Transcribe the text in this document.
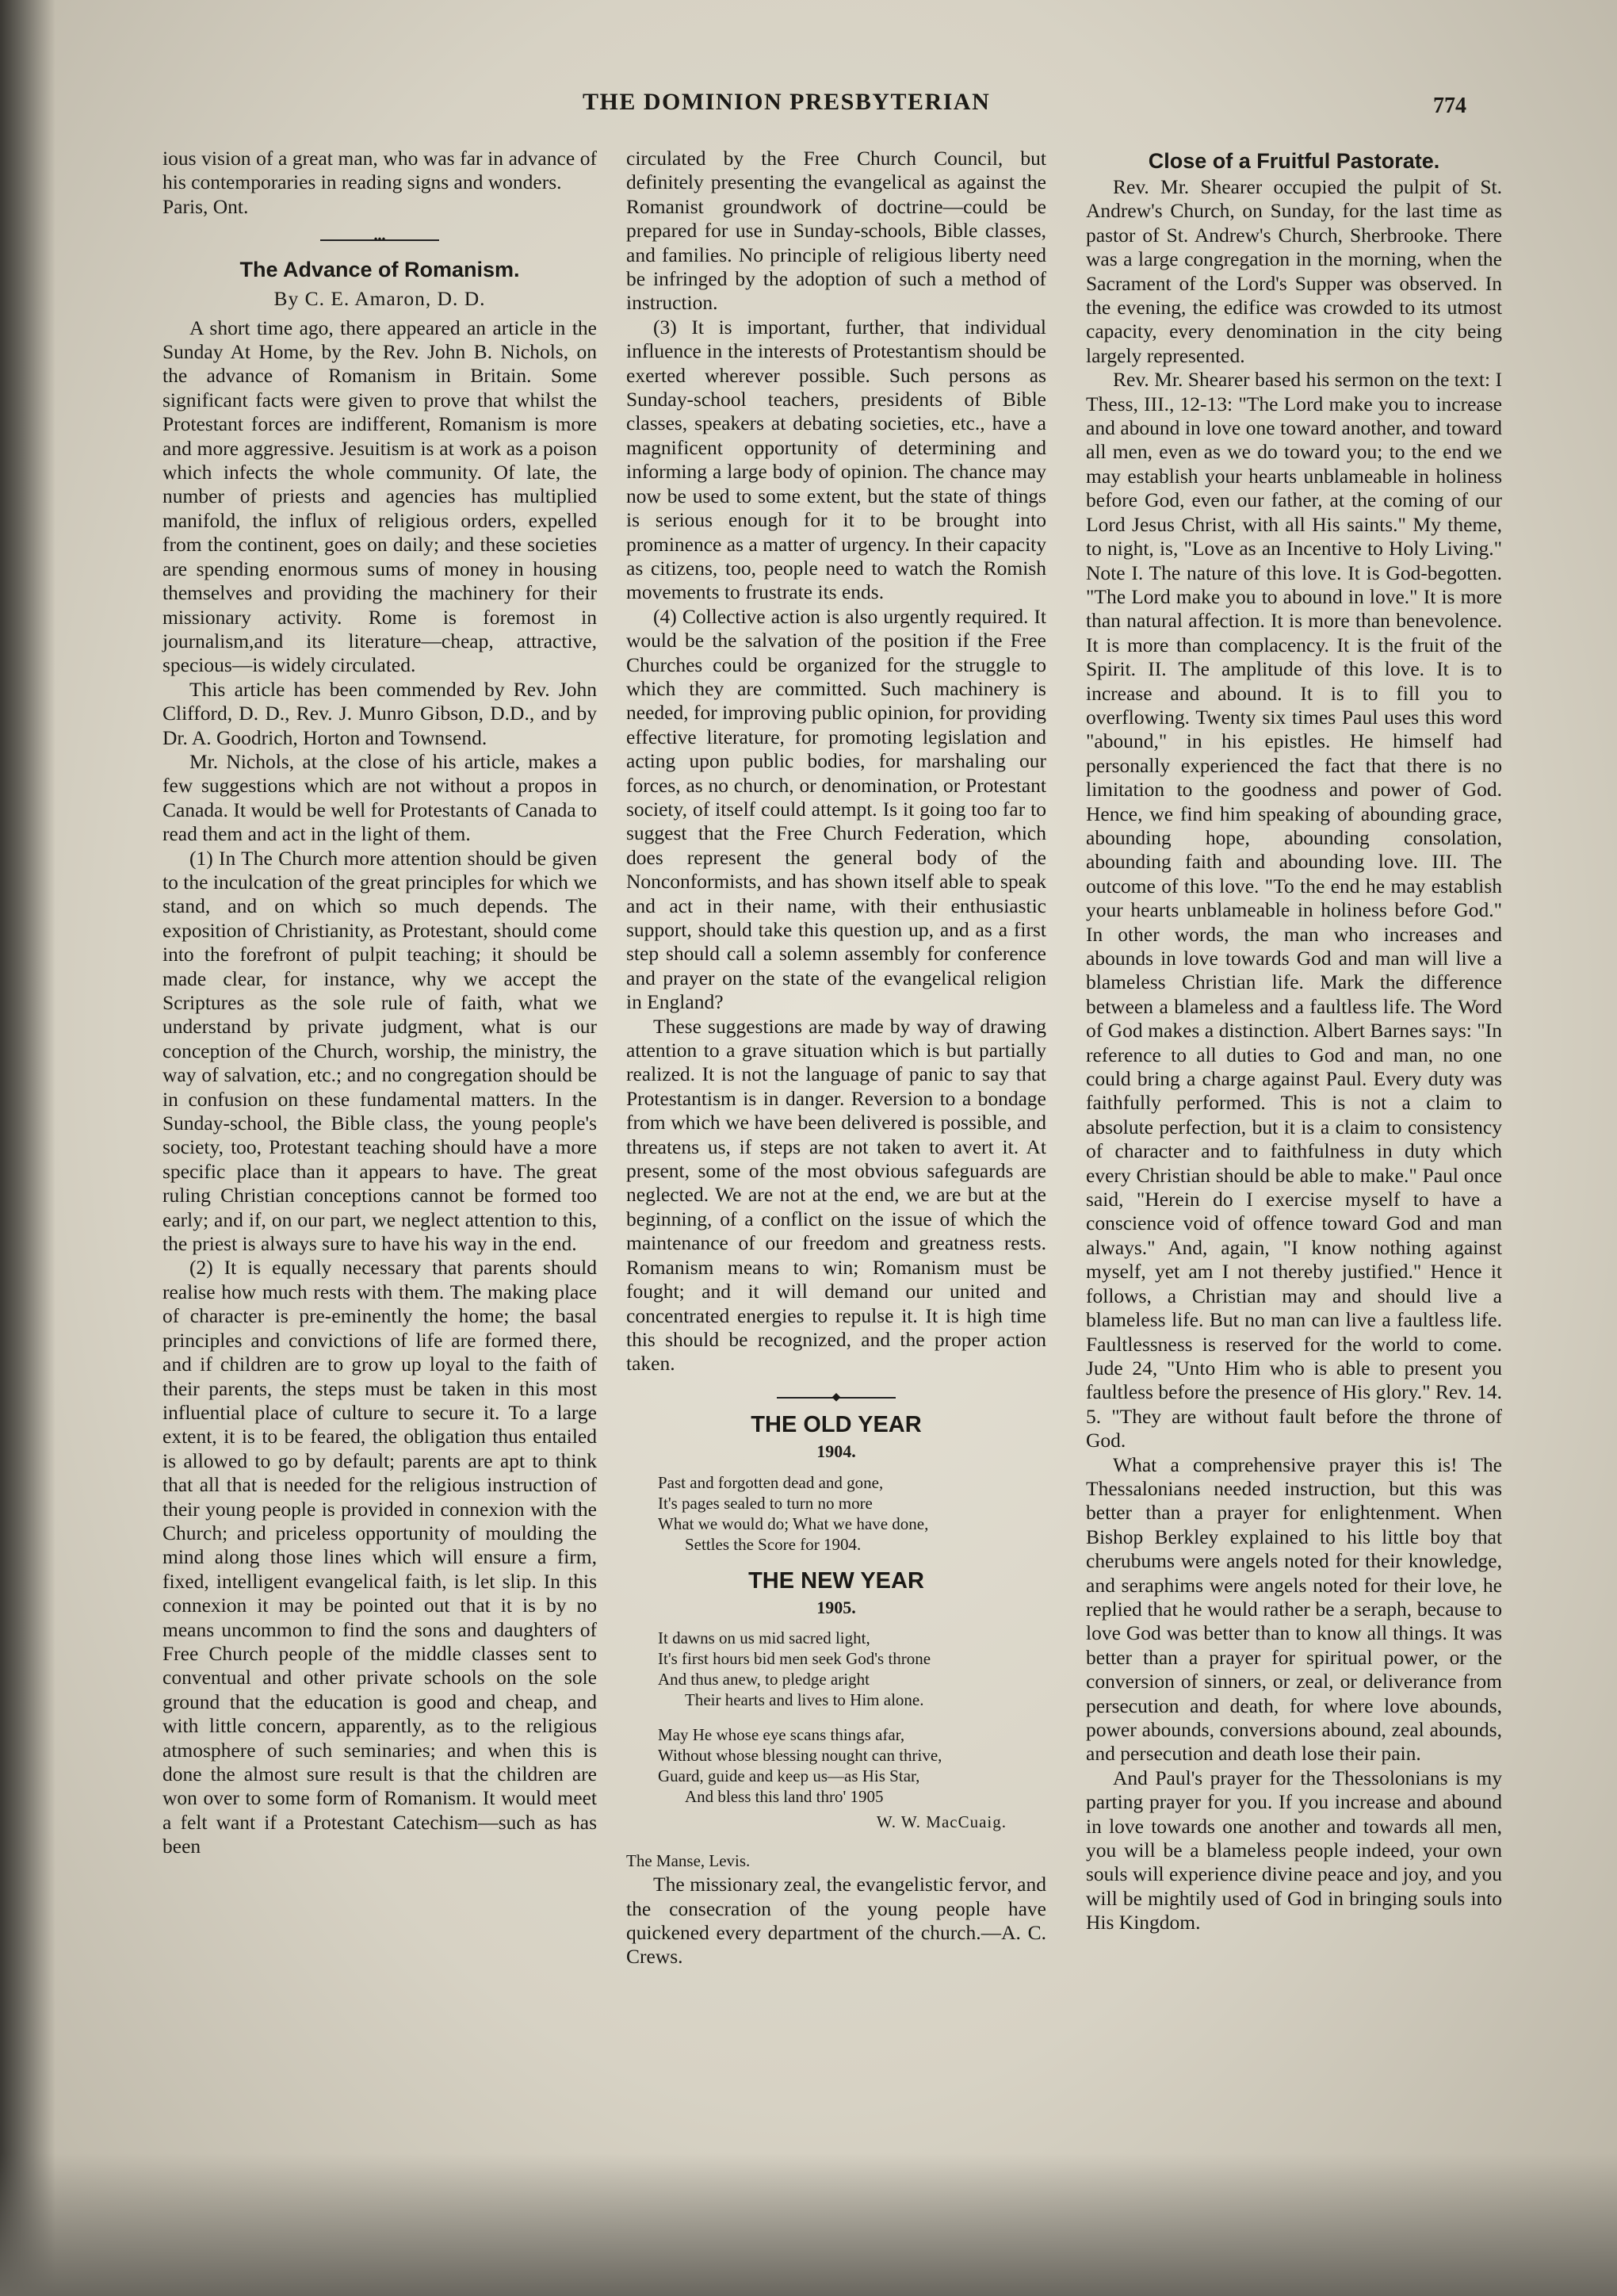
THE DOMINION PRESBYTERIAN	774

ious vision of a great man, who was far in advance of his contemporaries in reading signs and wonders.

Paris, Ont.

•••
The Advance of Romanism.
By C. E. Amaron, D. D.

A short time ago, there appeared an article in the Sunday At Home, by the Rev. John B. Nichols, on the advance of Romanism in Britain. Some significant facts were given to prove that whilst the Protestant forces are indifferent, Romanism is more and more aggressive. Jesuitism is at work as a poison which infects the whole community. Of late, the number of priests and agencies has multiplied manifold, the influx of religious orders, expelled from the continent, goes on daily; and these societies are spending enormous sums of money in housing themselves and providing the machinery for their missionary activity. Rome is foremost in journalism,and its literature—cheap, attractive, specious—is widely circulated.

This article has been commended by Rev. John Clifford, D. D., Rev. J. Munro Gibson, D.D., and by Dr. A. Goodrich, Horton and Townsend.

Mr. Nichols, at the close of his article, makes a few suggestions which are not without a propos in Canada. It would be well for Protestants of Canada to read them and act in the light of them.

(1) In The Church more attention should be given to the inculcation of the great principles for which we stand, and on which so much depends. The exposition of Christianity, as Protestant, should come into the forefront of pulpit teaching; it should be made clear, for instance, why we accept the Scriptures as the sole rule of faith, what we understand by private judgment, what is our conception of the Church, worship, the ministry, the way of salvation, etc.; and no congregation should be in confusion on these fundamental matters. In the Sunday-school, the Bible class, the young people's society, too, Protestant teaching should have a more specific place than it appears to have. The great ruling Christian conceptions cannot be formed too early; and if, on our part, we neglect attention to this, the priest is always sure to have his way in the end.

(2) It is equally necessary that parents should realise how much rests with them. The making place of character is pre-eminently the home; the basal principles and convictions of life are formed there, and if children are to grow up loyal to the faith of their parents, the steps must be taken in this most influential place of culture to secure it. To a large extent, it is to be feared, the obligation thus entailed is allowed to go by default; parents are apt to think that all that is needed for the religious instruction of their young people is provided in connexion with the Church; and priceless opportunity of moulding the mind along those lines which will ensure a firm, fixed, intelligent evangelical faith, is let slip. In this connexion it may be pointed out that it is by no means uncommon to find the sons and daughters of Free Church people of the middle classes sent to conventual and other private schools on the sole ground that the education is good and cheap, and with little concern, apparently, as to the religious atmosphere of such seminaries; and when this is done the almost sure result is that the children are won over to some form of Romanism. It would meet a felt want if a Protestant Catechism—such as has been

circulated by the Free Church Council, but definitely presenting the evangelical as against the Romanist groundwork of doctrine—could be prepared for use in Sunday-schools, Bible classes, and families. No principle of religious liberty need be infringed by the adoption of such a method of instruction.

(3) It is important, further, that individual influence in the interests of Protestantism should be exerted wherever possible. Such persons as Sunday-school teachers, presidents of Bible classes, speakers at debating societies, etc., have a magnificent opportunity of determining and informing a large body of opinion. The chance may now be used to some extent, but the state of things is serious enough for it to be brought into prominence as a matter of urgency. In their capacity as citizens, too, people need to watch the Romish movements to frustrate its ends.

(4) Collective action is also urgently required. It would be the salvation of the position if the Free Churches could be organized for the struggle to which they are committed. Such machinery is needed, for improving public opinion, for providing effective literature, for promoting legislation and acting upon public bodies, for marshaling our forces, as no church, or denomination, or Protestant society, of itself could attempt. Is it going too far to suggest that the Free Church Federation, which does represent the general body of the Nonconformists, and has shown itself able to speak and act in their name, with their enthusiastic support, should take this question up, and as a first step should call a solemn assembly for conference and prayer on the state of the evangelical religion in England?

These suggestions are made by way of drawing attention to a grave situation which is but partially realized. It is not the language of panic to say that Protestantism is in danger. Reversion to a bondage from which we have been delivered is possible, and threatens us, if steps are not taken to avert it. At present, some of the most obvious safeguards are neglected. We are not at the end, we are but at the beginning, of a conflict on the issue of which the maintenance of our freedom and greatness rests. Romanism means to win; Romanism must be fought; and it will demand our united and concentrated energies to repulse it. It is high time this should be recognized, and the proper action taken.

◆
THE OLD YEAR
1904.
Past and forgotten dead and gone,
It's pages sealed to turn no more
What we would do; What we have done,
Settles the Score for 1904.
THE NEW YEAR
1905.
It dawns on us mid sacred light,
It's first hours bid men seek God's throne
And thus anew, to pledge aright
Their hearts and lives to Him alone.
May He whose eye scans things afar,
Without whose blessing nought can thrive,
Guard, guide and keep us—as His Star,
And bless this land thro' 1905
W. W. MacCuaig.
The Manse, Levis.

The missionary zeal, the evangelistic fervor, and the consecration of the young people have quickened every department of the church.—A. C. Crews.

Close of a Fruitful Pastorate.

Rev. Mr. Shearer occupied the pulpit of St. Andrew's Church, on Sunday, for the last time as pastor of St. Andrew's Church, Sherbrooke. There was a large congregation in the morning, when the Sacrament of the Lord's Supper was observed. In the evening, the edifice was crowded to its utmost capacity, every denomination in the city being largely represented.

Rev. Mr. Shearer based his sermon on the text: I Thess, III., 12-13: "The Lord make you to increase and abound in love one toward another, and toward all men, even as we do toward you; to the end we may establish your hearts unblameable in holiness before God, even our father, at the coming of our Lord Jesus Christ, with all His saints." My theme, to night, is, "Love as an Incentive to Holy Living." Note I. The nature of this love. It is God-begotten. "The Lord make you to abound in love." It is more than natural affection. It is more than benevolence. It is more than complacency. It is the fruit of the Spirit. II. The amplitude of this love. It is to increase and abound. It is to fill you to overflowing. Twenty six times Paul uses this word "abound," in his epistles. He himself had personally experienced the fact that there is no limitation to the goodness and power of God. Hence, we find him speaking of abounding grace, abounding hope, abounding consolation, abounding faith and abounding love. III. The outcome of this love. "To the end he may establish your hearts unblameable in holiness before God." In other words, the man who increases and abounds in love towards God and man will live a blameless Christian life. Mark the difference between a blameless and a faultless life. The Word of God makes a distinction. Albert Barnes says: "In reference to all duties to God and man, no one could bring a charge against Paul. Every duty was faithfully performed. This is not a claim to absolute perfection, but it is a claim to consistency of character and to faithfulness in duty which every Christian should be able to make." Paul once said, "Herein do I exercise myself to have a conscience void of offence toward God and man always." And, again, "I know nothing against myself, yet am I not thereby justified." Hence it follows, a Christian may and should live a blameless life. But no man can live a faultless life. Faultlessness is reserved for the world to come. Jude 24, "Unto Him who is able to present you faultless before the presence of His glory." Rev. 14. 5. "They are without fault before the throne of God.

What a comprehensive prayer this is! The Thessalonians needed instruction, but this was better than a prayer for enlightenment. When Bishop Berkley explained to his little boy that cherubums were angels noted for their knowledge, and seraphims were angels noted for their love, he replied that he would rather be a seraph, because to love God was better than to know all things. It was better than a prayer for spiritual power, or the conversion of sinners, or zeal, or deliverance from persecution and death, for where love abounds, power abounds, conversions abound, zeal abounds, and persecution and death lose their pain.

And Paul's prayer for the Thessolonians is my parting prayer for you. If you increase and abound in love towards one another and towards all men, you will be a blameless people indeed, your own souls will experience divine peace and joy, and you will be mightily used of God in bringing souls into His Kingdom.
